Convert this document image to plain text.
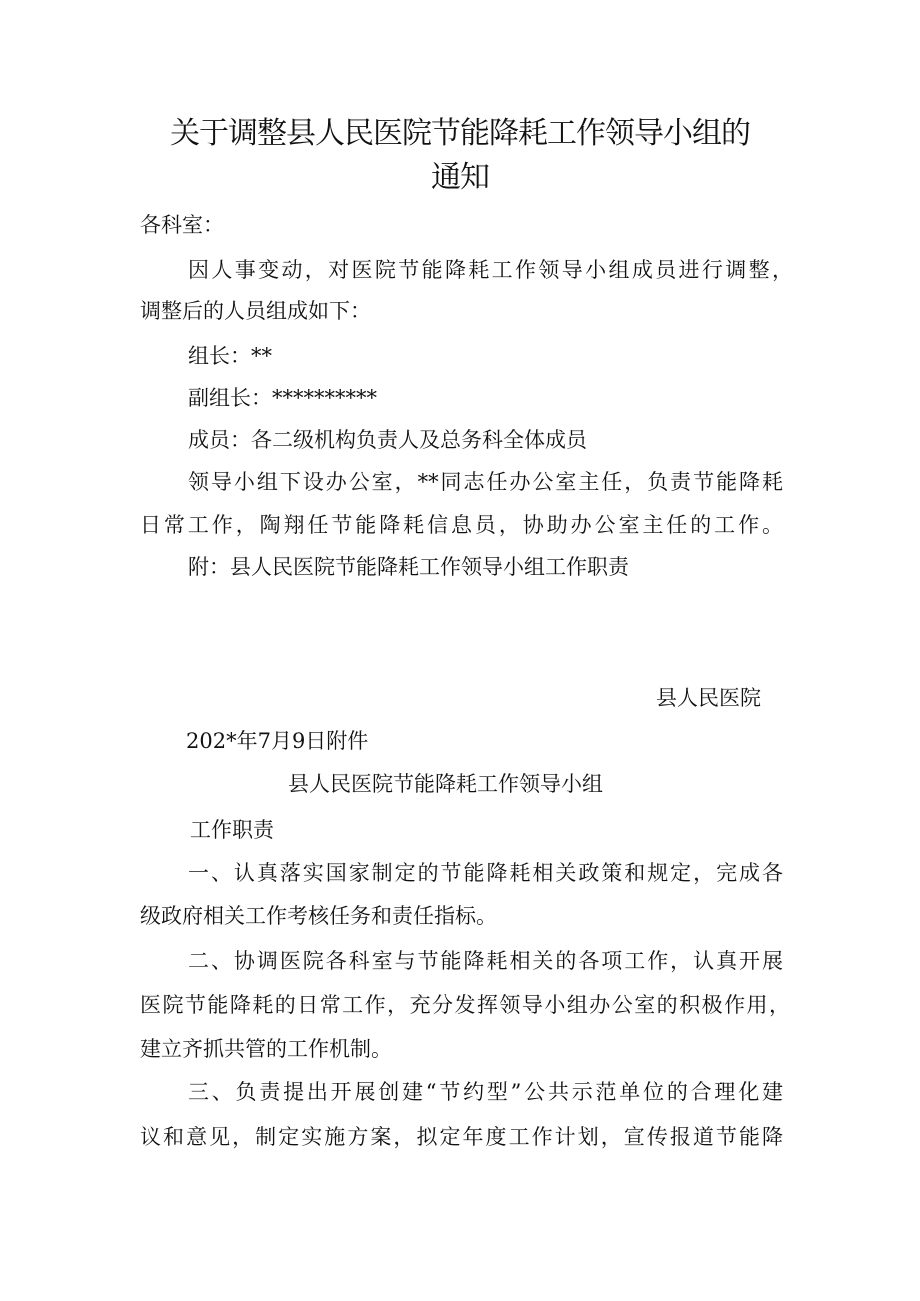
关于调整县人民医院节能降耗工作领导小组的
通知
各科室：
因人事变动，对医院节能降耗工作领导小组成员进行调整，
调整后的人员组成如下：
组长：**
副组长：**********
成员：各二级机构负责人及总务科全体成员
领导小组下设办公室，**同志任办公室主任，负责节能降耗
日常工作，陶翔任节能降耗信息员，协助办公室主任的工作。
附：县人民医院节能降耗工作领导小组工作职责
县人民医院
202*年7月9日附件
县人民医院节能降耗工作领导小组
工作职责
一、认真落实国家制定的节能降耗相关政策和规定，完成各
级政府相关工作考核任务和责任指标。
二、协调医院各科室与节能降耗相关的各项工作，认真开展
医院节能降耗的日常工作，充分发挥领导小组办公室的积极作用，
建立齐抓共管的工作机制。
三、负责提出开展创建“节约型”公共示范单位的合理化建
议和意见，制定实施方案，拟定年度工作计划，宣传报道节能降
